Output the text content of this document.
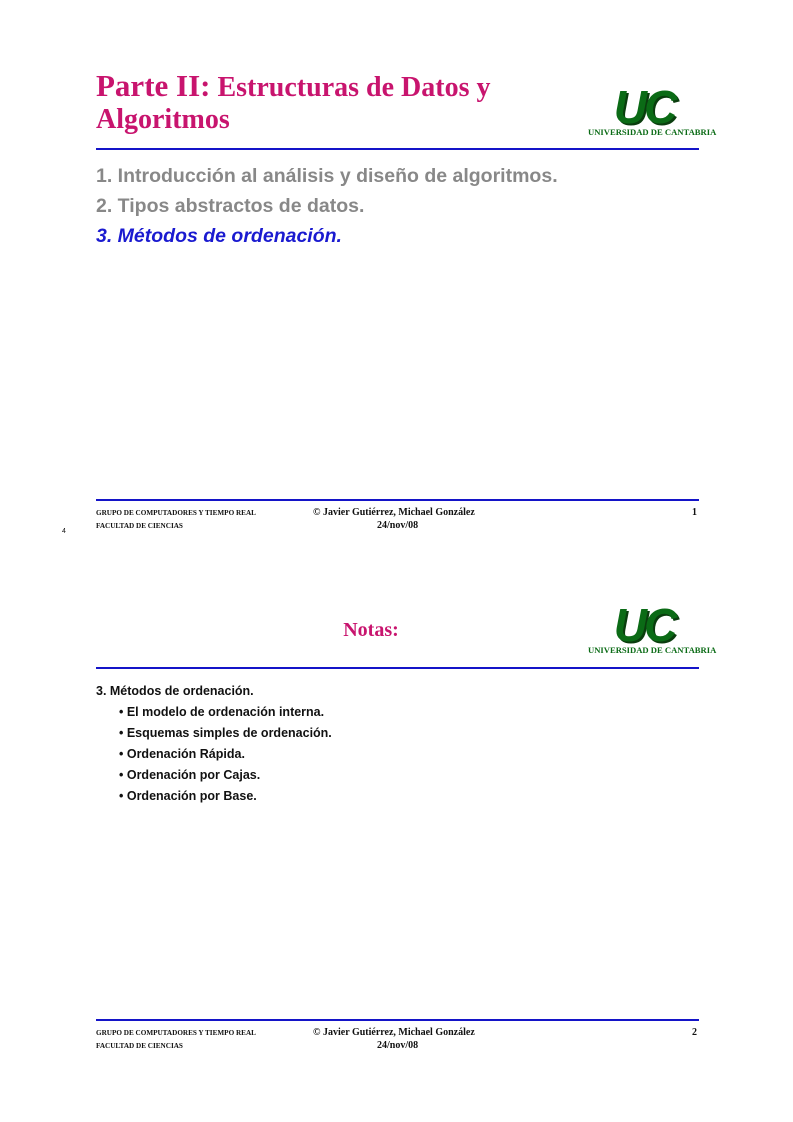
Parte II: Estructuras de Datos y
Algoritmos	UC
UNIVERSIDAD DE CANTABRIA
1. Introducción al análisis y diseño de algoritmos.
2. Tipos abstractos de datos.
3. Métodos de ordenación.
GRUPO DE COMPUTADORES Y TIEMPO REAL
FACULTAD DE CIENCIAS
© Javier Gutiérrez, Michael González
24/nov/08
1
4
Notas:	UC
UNIVERSIDAD DE CANTABRIA
3. Métodos de ordenación.
• El modelo de ordenación interna.
• Esquemas simples de ordenación.
• Ordenación Rápida.
• Ordenación por Cajas.
• Ordenación por Base.
GRUPO DE COMPUTADORES Y TIEMPO REAL
FACULTAD DE CIENCIAS
© Javier Gutiérrez, Michael González
24/nov/08
2
